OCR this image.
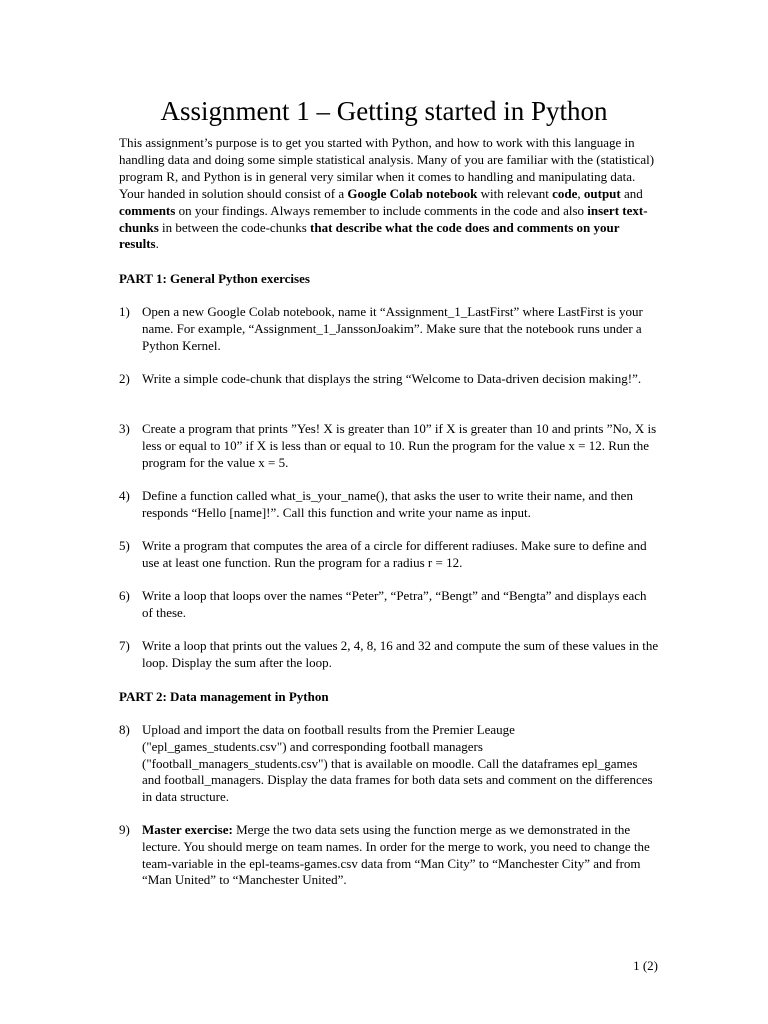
Assignment 1 – Getting started in Python

This assignment’s purpose is to get you started with Python, and how to work with this language in handling data and doing some simple statistical analysis. Many of you are familiar with the (statistical) program R, and Python is in general very similar when it comes to handling and manipulating data. Your handed in solution should consist of a Google Colab notebook with relevant code, output and comments on your findings. Always remember to include comments in the code and also insert text-chunks in between the code-chunks that describe what the code does and comments on your results.

PART 1: General Python exercises

1) Open a new Google Colab notebook, name it “Assignment_1_LastFirst” where LastFirst is your name. For example, “Assignment_1_JanssonJoakim”. Make sure that the notebook runs under a Python Kernel.
2) Write a simple code-chunk that displays the string “Welcome to Data-driven decision making!”.
3) Create a program that prints ”Yes! X is greater than 10” if X is greater than 10 and prints ”No, X is less or equal to 10” if X is less than or equal to 10. Run the program for the value x = 12. Run the program for the value x = 5.
4) Define a function called what_is_your_name(), that asks the user to write their name, and then responds “Hello [name]!”. Call this function and write your name as input.
5) Write a program that computes the area of a circle for different radiuses. Make sure to define and use at least one function. Run the program for a radius r = 12.
6) Write a loop that loops over the names “Peter”, “Petra”, “Bengt” and “Bengta” and displays each of these.
7) Write a loop that prints out the values 2, 4, 8, 16 and 32 and compute the sum of these values in the loop. Display the sum after the loop.

PART 2: Data management in Python

8) Upload and import the data on football results from the Premier Leauge ("epl_games_students.csv") and corresponding football managers ("football_managers_students.csv") that is available on moodle. Call the dataframes epl_games and football_managers. Display the data frames for both data sets and comment on the differences in data structure.
9) Master exercise: Merge the two data sets using the function merge as we demonstrated in the lecture. You should merge on team names. In order for the merge to work, you need to change the team-variable in the epl-teams-games.csv data from “Man City” to “Manchester City” and from “Man United” to “Manchester United”.
1 (2)
